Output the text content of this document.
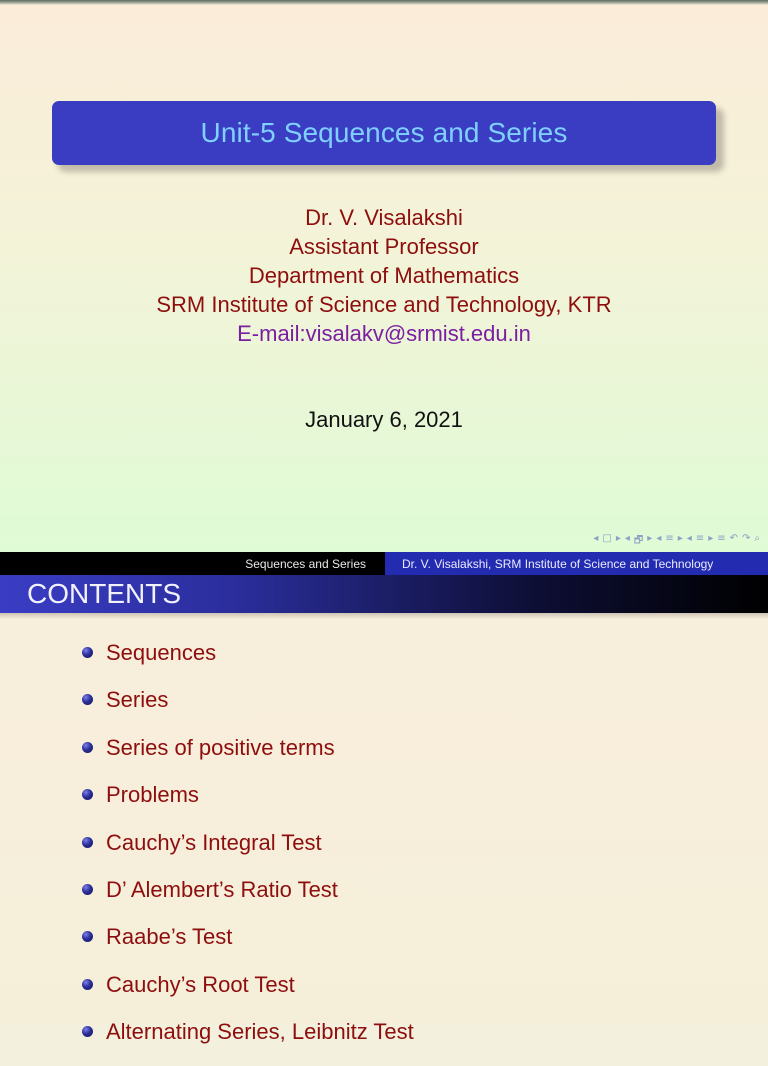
Unit-5 Sequences and Series
Dr. V. Visalakshi
Assistant Professor
Department of Mathematics
SRM Institute of Science and Technology, KTR
E-mail:visalakv@srmist.edu.in
January 6, 2021
◂ □ ▸ ◂ 🗗 ▸ ◂ ≡ ▸ ◂ ≡ ▸ ≡ ↶ ↷ ⌕
Sequences and Series	Dr. V. Visalakshi, SRM Institute of Science and Technology
CONTENTS
Sequences
Series
Series of positive terms
Problems
Cauchy’s Integral Test
D’ Alembert’s Ratio Test
Raabe’s Test
Cauchy’s Root Test
Alternating Series, Leibnitz Test
